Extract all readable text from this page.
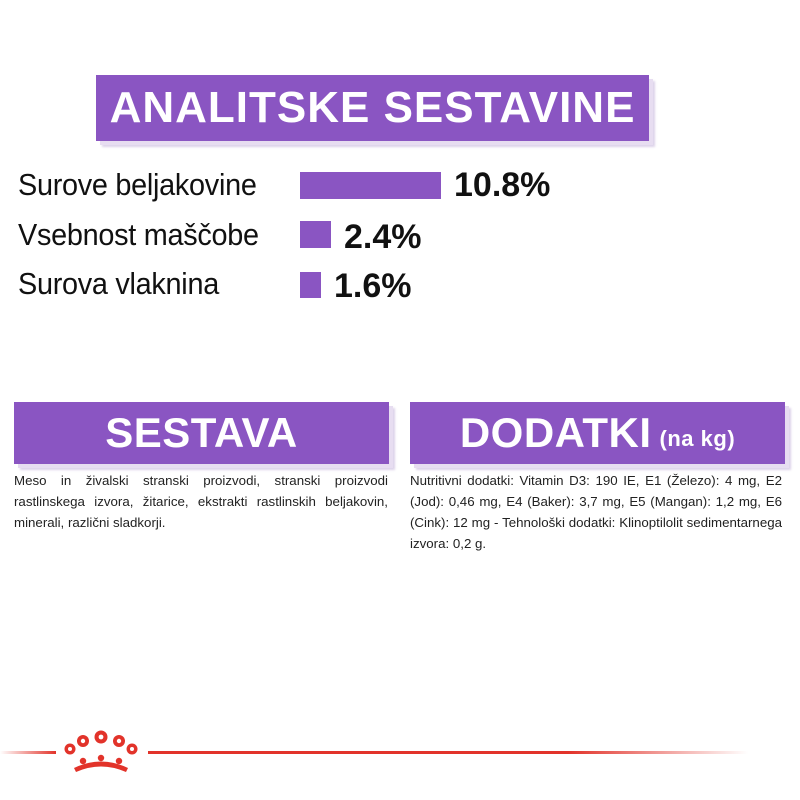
ANALITSKE SESTAVINE
Surove beljakovine	10.8%
Vsebnost maščobe	2.4%
Surova vlaknina	1.6%
SESTAVA
Meso in živalski stranski proizvodi, stranski proizvodi rastlinskega izvora, žitarice, ekstrakti rastlinskih beljakovin, minerali, različni sladkorji.
DODATKI (na kg)
Nutritivni dodatki: Vitamin D3: 190 IE, E1 (Železo): 4 mg, E2 (Jod): 0,46 mg, E4 (Baker): 3,7 mg, E5 (Mangan): 1,2 mg, E6 (Cink): 12 mg - Tehnološki dodatki: Klinoptilolit sedimentarnega izvora: 0,2 g.
